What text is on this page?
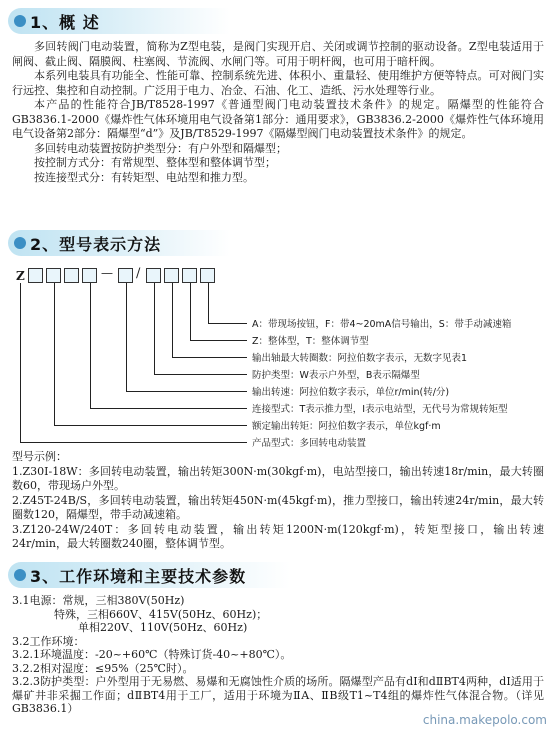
1、概 述

多回转阀门电动装置，简称为Z型电装，是阀门实现开启、关闭或调节控制的驱动设备。Z型电装适用于闸阀、截止阀、隔膜阀、柱塞阀、节流阀、水闸门等。可用于明杆阀，也可用于暗杆阀。

本系列电装具有功能全、性能可靠、控制系统先进、体积小、重量轻、使用维护方便等特点。可对阀门实行远控、集控和自动控制。广泛用于电力、冶金、石油、化工、造纸、污水处理等行业。

本产品的性能符合JB/T8528-1997《普通型阀门电动装置技术条件》的规定。隔爆型的性能符合GB3836.1-2000《爆炸性气体环境用电气设备第1部分：通用要求》，GB3836.2-2000《爆炸性气体环境用电气设备第2部分：隔爆型“d”》及JB/T8529-1997《隔爆型阀门电动装置技术条件》的规定。

多回转电动装置按防护类型分：有户外型和隔爆型；

按控制方式分：有常规型、整体型和整体调节型；

按连接型式分：有转矩型、电站型和推力型。

2、型号表示方法
Z	— /
A：带现场按钮，F：带4~20mA信号输出，S：带手动减速箱
Z：整体型，T：整体调节型
输出轴最大转圈数：阿拉伯数字表示，无数字见表1
防护类型：W表示户外型，B表示隔爆型
输出转速：阿拉伯数字表示，单位r/min(转/分)
连接型式：T表示推力型，I表示电站型，无代号为常规转矩型
额定输出转矩：阿拉伯数字表示，单位kgf·m
产品型式：多回转电动装置

型号示例：

1.Z30I-18W：多回转电动装置，输出转矩300N·m(30kgf·m)，电站型接口，输出转速18r/min，最大转圈数60，带现场户外型。

2.Z45T-24B/S，多回转电动装置，输出转矩450N·m(45kgf·m)，推力型接口，输出转速24r/min，最大转圈数120，隔爆型，带手动减速箱。

3.Z120-24W/240T：多回转电动装置，输出转矩1200N·m(120kgf·m)，转矩型接口，输出转速24r/min，最大转圈数240圈，整体调节型。

3、工作环境和主要技术参数

3.1电源：常规，三相380V(50Hz)

特殊，三相660V、415V(50Hz、60Hz)；

单相220V、110V(50Hz、60Hz)

3.2工作环境：

3.2.1环境温度：-20~+60℃（特殊订货-40~+80℃）。

3.2.2相对湿度：≤95%（25℃时）。

3.2.3防护类型：户外型用于无易燃、易爆和无腐蚀性介质的场所。隔爆型产品有dⅠ和dⅡBT4两种，dⅠ适用于爆矿井非采掘工作面；dⅡBT4用于工厂，适用于环境为ⅡA、ⅡB级T1~T4组的爆炸性气体混合物。（详见GB3836.1）

china.makepolo.com
